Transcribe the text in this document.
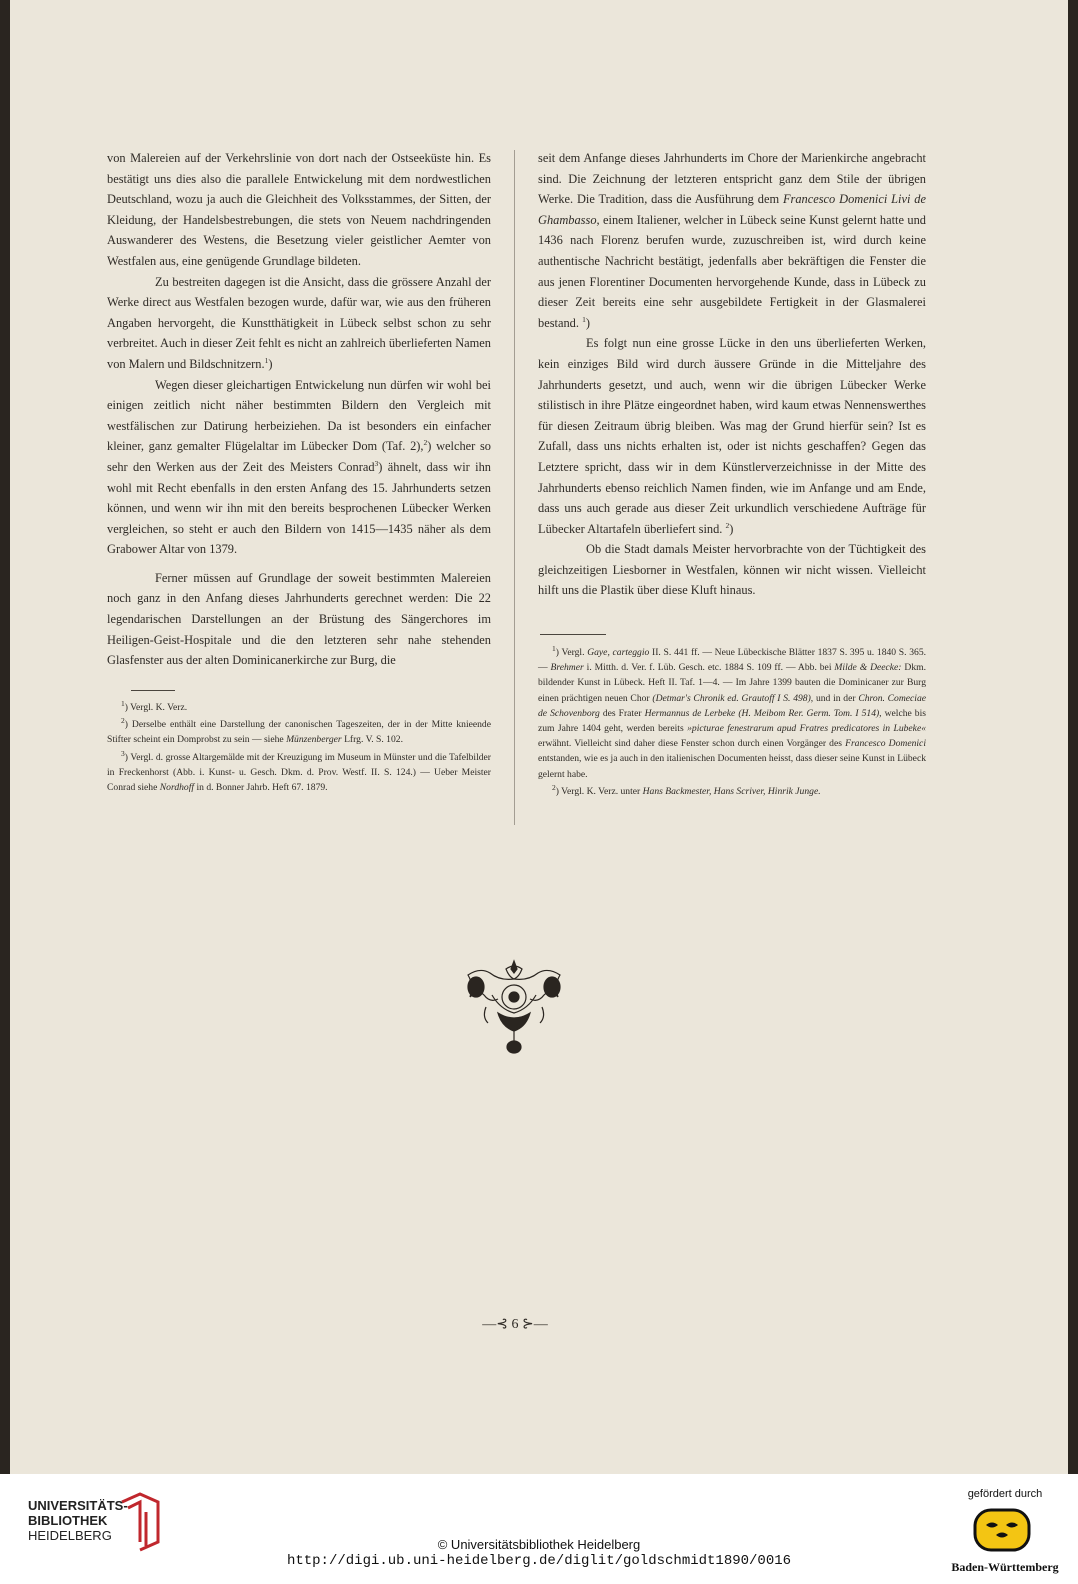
von Malereien auf der Verkehrslinie von dort nach der Ostseeküste hin. Es bestätigt uns dies also die parallele Entwickelung mit dem nordwestlichen Deutschland, wozu ja auch die Gleichheit des Volksstammes, der Sitten, der Kleidung, der Handelsbestrebungen, die stets von Neuem nachdringenden Auswanderer des Westens, die Besetzung vieler geistlicher Aemter von Westfalen aus, eine genügende Grundlage bildeten.

Zu bestreiten dagegen ist die Ansicht, dass die grössere Anzahl der Werke direct aus Westfalen bezogen wurde, dafür war, wie aus den früheren Angaben hervorgeht, die Kunstthätigkeit in Lübeck selbst schon zu sehr verbreitet. Auch in dieser Zeit fehlt es nicht an zahlreich überlieferten Namen von Malern und Bildschnitzern.$^1$)

Wegen dieser gleichartigen Entwickelung nun dürfen wir wohl bei einigen zeitlich nicht näher bestimmten Bildern den Vergleich mit westfälischen zur Datirung herbeiziehen. Da ist besonders ein einfacher kleiner, ganz gemalter Flügelaltar im Lübecker Dom (Taf. 2),$^2$) welcher so sehr den Werken aus der Zeit des Meisters Conrad$^3$) ähnelt, dass wir ihn wohl mit Recht ebenfalls in den ersten Anfang des 15. Jahrhunderts setzen können, und wenn wir ihn mit den bereits besprochenen Lübecker Werken vergleichen, so steht er auch den Bildern von 1415—1435 näher als dem Grabower Altar von 1379.

Ferner müssen auf Grundlage der soweit bestimmten Malereien noch ganz in den Anfang dieses Jahrhunderts gerechnet werden: Die 22 legendarischen Darstellungen an der Brüstung des Sängerchores im Heiligen-Geist-Hospitale und die den letzteren sehr nahe stehenden Glasfenster aus der alten Dominicanerkirche zur Burg, die

$^1$) Vergl. K. Verz.

$^2$) Derselbe enthält eine Darstellung der canonischen Tageszeiten, der in der Mitte knieende Stifter scheint ein Domprobst zu sein — siehe Münzenberger Lfrg. V. S. 102.

$^3$) Vergl. d. grosse Altargemälde mit der Kreuzigung im Museum in Münster und die Tafelbilder in Freckenhorst (Abb. i. Kunst- u. Gesch. Dkm. d. Prov. Westf. II. S. 124.) — Ueber Meister Conrad siehe Nordhoff in d. Bonner Jahrb. Heft 67. 1879.

seit dem Anfange dieses Jahrhunderts im Chore der Marienkirche angebracht sind. Die Zeichnung der letzteren entspricht ganz dem Stile der übrigen Werke. Die Tradition, dass die Ausführung dem Francesco Domenici Livi de Ghambasso, einem Italiener, welcher in Lübeck seine Kunst gelernt hatte und 1436 nach Florenz berufen wurde, zuzuschreiben ist, wird durch keine authentische Nachricht bestätigt, jedenfalls aber bekräftigen die Fenster die aus jenen Florentiner Documenten hervorgehende Kunde, dass in Lübeck zu dieser Zeit bereits eine sehr ausgebildete Fertigkeit in der Glasmalerei bestand. $^1$)

Es folgt nun eine grosse Lücke in den uns überlieferten Werken, kein einziges Bild wird durch äussere Gründe in die Mitteljahre des Jahrhunderts gesetzt, und auch, wenn wir die übrigen Lübecker Werke stilistisch in ihre Plätze eingeordnet haben, wird kaum etwas Nennenswerthes für diesen Zeitraum übrig bleiben. Was mag der Grund hierfür sein? Ist es Zufall, dass uns nichts erhalten ist, oder ist nichts geschaffen? Gegen das Letztere spricht, dass wir in dem Künstlerverzeichnisse in der Mitte des Jahrhunderts ebenso reichlich Namen finden, wie im Anfange und am Ende, dass uns auch gerade aus dieser Zeit urkundlich verschiedene Aufträge für Lübecker Altartafeln überliefert sind. $^2$)

Ob die Stadt damals Meister hervorbrachte von der Tüchtigkeit des gleichzeitigen Liesborner in Westfalen, können wir nicht wissen. Vielleicht hilft uns die Plastik über diese Kluft hinaus.

$^1$) Vergl. Gaye, carteggio II. S. 441 ff. — Neue Lübeckische Blätter 1837 S. 395 u. 1840 S. 365. — Brehmer i. Mitth. d. Ver. f. Lüb. Gesch. etc. 1884 S. 109 ff. — Abb. bei Milde & Deecke: Dkm. bildender Kunst in Lübeck. Heft II. Taf. 1—4. — Im Jahre 1399 bauten die Dominicaner zur Burg einen prächtigen neuen Chor (Detmar's Chronik ed. Grautoff I S. 498), und in der Chron. Comeciae de Schovenborg des Frater Hermannus de Lerbeke (H. Meibom Rer. Germ. Tom. I 514), welche bis zum Jahre 1404 geht, werden bereits »picturae fenestrarum apud Fratres predicatores in Lubeke« erwähnt. Vielleicht sind daher diese Fenster schon durch einen Vorgänger des Francesco Domenici entstanden, wie es ja auch in den italienischen Documenten heisst, dass dieser seine Kunst in Lübeck gelernt habe.

$^2$) Vergl. K. Verz. unter Hans Backmester, Hans Scriver, Hinrik Junge.

—⊰ 6 ⊱—
UNIVERSITÄTS-
BIBLIOTHEK
HEIDELBERG
© Universitätsbibliothek Heidelberg
http://digi.ub.uni-heidelberg.de/diglit/goldschmidt1890/0016
gefördert durch
Baden-Württemberg
